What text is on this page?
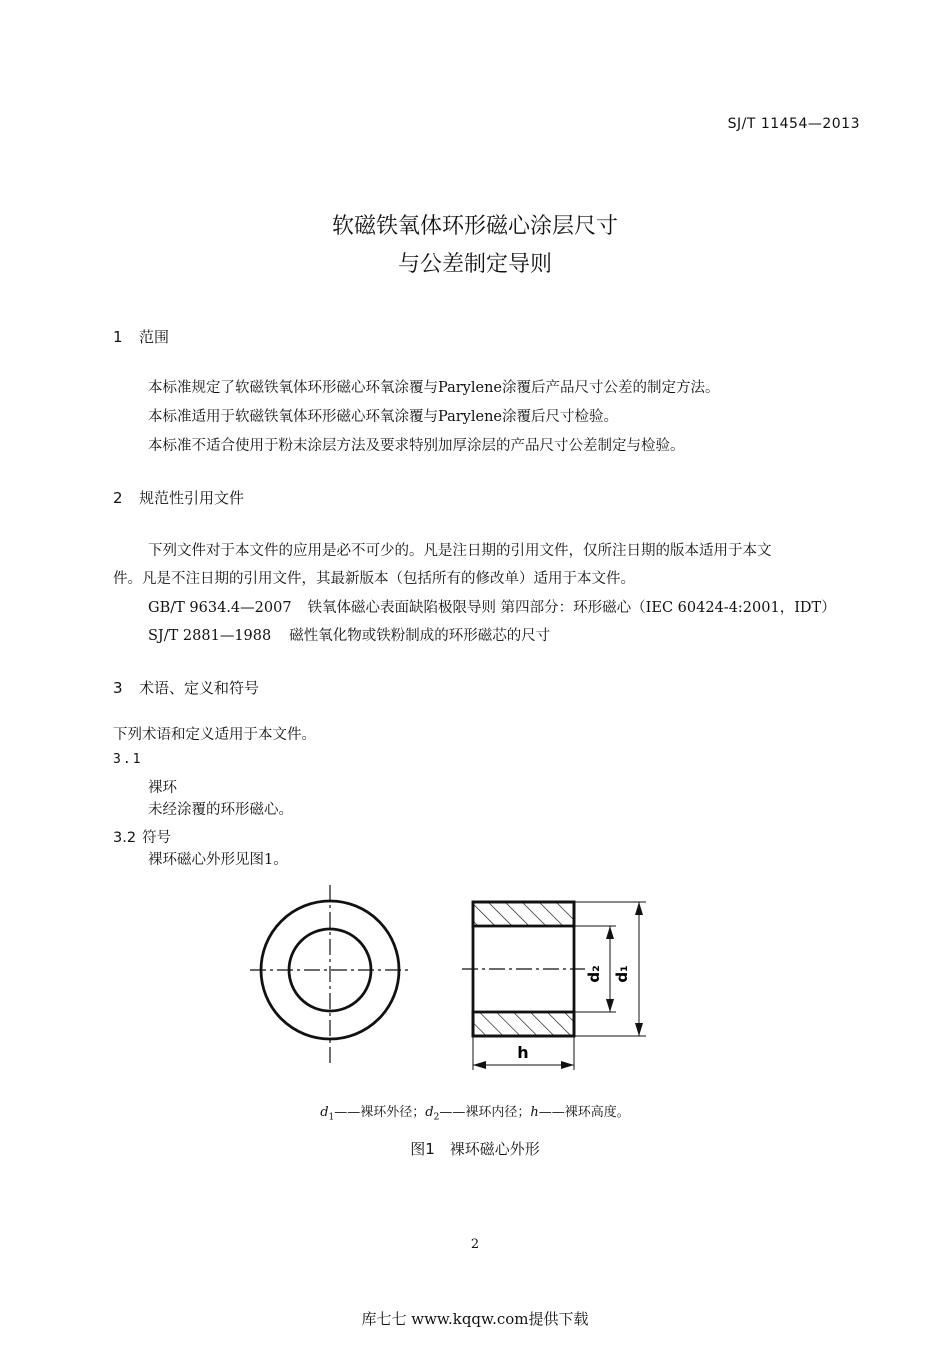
SJ/T 11454—2013
软磁铁氧体环形磁心涂层尺寸
与公差制定导则
1 范围
本标准规定了软磁铁氧体环形磁心环氧涂覆与Parylene涂覆后产品尺寸公差的制定方法。
本标准适用于软磁铁氧体环形磁心环氧涂覆与Parylene涂覆后尺寸检验。
本标准不适合使用于粉末涂层方法及要求特别加厚涂层的产品尺寸公差制定与检验。
2 规范性引用文件
下列文件对于本文件的应用是必不可少的。凡是注日期的引用文件，仅所注日期的版本适用于本文
件。凡是不注日期的引用文件，其最新版本（包括所有的修改单）适用于本文件。
GB/T 9634.4—2007 铁氧体磁心表面缺陷极限导则 第四部分：环形磁心（IEC 60424-4:2001，IDT）
SJ/T 2881—1988 磁性氧化物或铁粉制成的环形磁芯的尺寸
3 术语、定义和符号
下列术语和定义适用于本文件。
3.1
裸环
未经涂覆的环形磁心。
3.2 符号
裸环磁心外形见图1。
h
d₁
d₂
$d_1——$裸环外径；$d_2——$裸环内径；h——裸环高度。
图1　裸环磁心外形
2
库七七 www.kqqw.com提供下载
